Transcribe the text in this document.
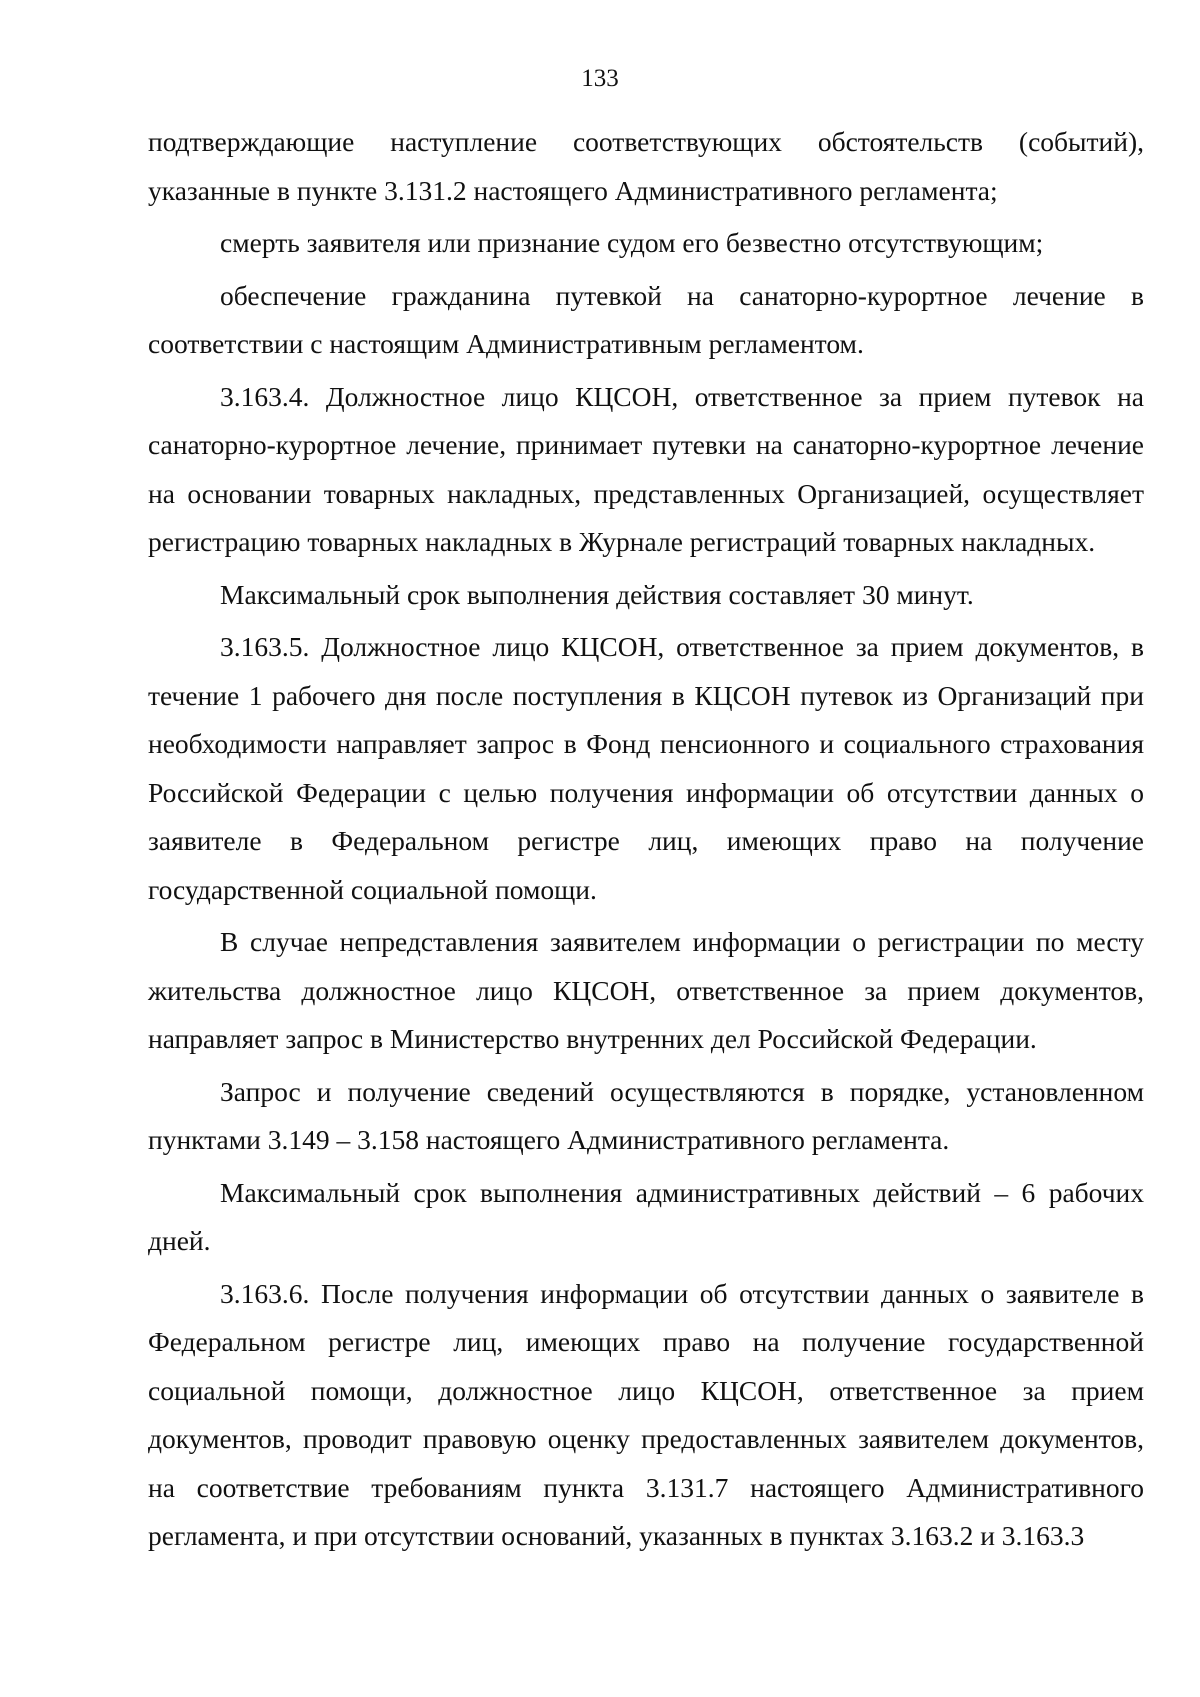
133

подтверждающие наступление соответствующих обстоятельств (событий), указанные в пункте 3.131.2 настоящего Административного регламента;

смерть заявителя или признание судом его безвестно отсутствующим;

обеспечение гражданина путевкой на санаторно-курортное лечение в соответствии с настоящим Административным регламентом.

3.163.4. Должностное лицо КЦСОН, ответственное за прием путевок на санаторно-курортное лечение, принимает путевки на санаторно-курортное лечение на основании товарных накладных, представленных Организацией, осуществляет регистрацию товарных накладных в Журнале регистраций товарных накладных.

Максимальный срок выполнения действия составляет 30 минут.

3.163.5. Должностное лицо КЦСОН, ответственное за прием документов, в течение 1 рабочего дня после поступления в КЦСОН путевок из Организаций при необходимости направляет запрос в Фонд пенсионного и социального страхования Российской Федерации с целью получения информации об отсутствии данных о заявителе в Федеральном регистре лиц, имеющих право на получение государственной социальной помощи.

В случае непредставления заявителем информации о регистрации по месту жительства должностное лицо КЦСОН, ответственное за прием документов, направляет запрос в Министерство внутренних дел Российской Федерации.

Запрос и получение сведений осуществляются в порядке, установленном пунктами 3.149 – 3.158 настоящего Административного регламента.

Максимальный срок выполнения административных действий – 6 рабочих дней.

3.163.6. После получения информации об отсутствии данных о заявителе в Федеральном регистре лиц, имеющих право на получение государственной социальной помощи, должностное лицо КЦСОН, ответственное за прием документов, проводит правовую оценку предоставленных заявителем документов, на соответствие требованиям пункта 3.131.7 настоящего Административного регламента, и при отсутствии оснований, указанных в пунктах 3.163.2 и 3.163.3
